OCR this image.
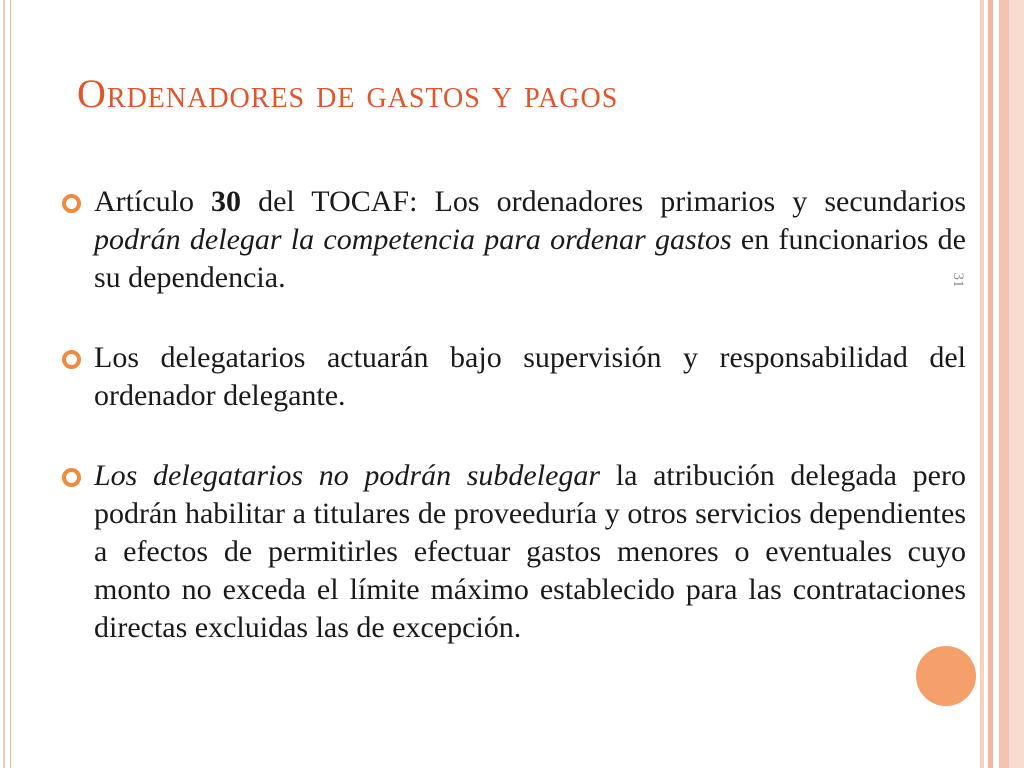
Ordenadores de gastos y pagos
31
Artículo 30 del TOCAF: Los ordenadores primarios y secundarios podrán delegar la competencia para ordenar gastos en funcionarios de su dependencia.
Los delegatarios actuarán bajo supervisión y responsabilidad del ordenador delegante.
Los delegatarios no podrán subdelegar la atribución delegada pero podrán habilitar a titulares de proveeduría y otros servicios dependientes a efectos de permitirles efectuar gastos menores o eventuales cuyo monto no exceda el límite máximo establecido para las contrataciones directas excluidas las de excepción.
